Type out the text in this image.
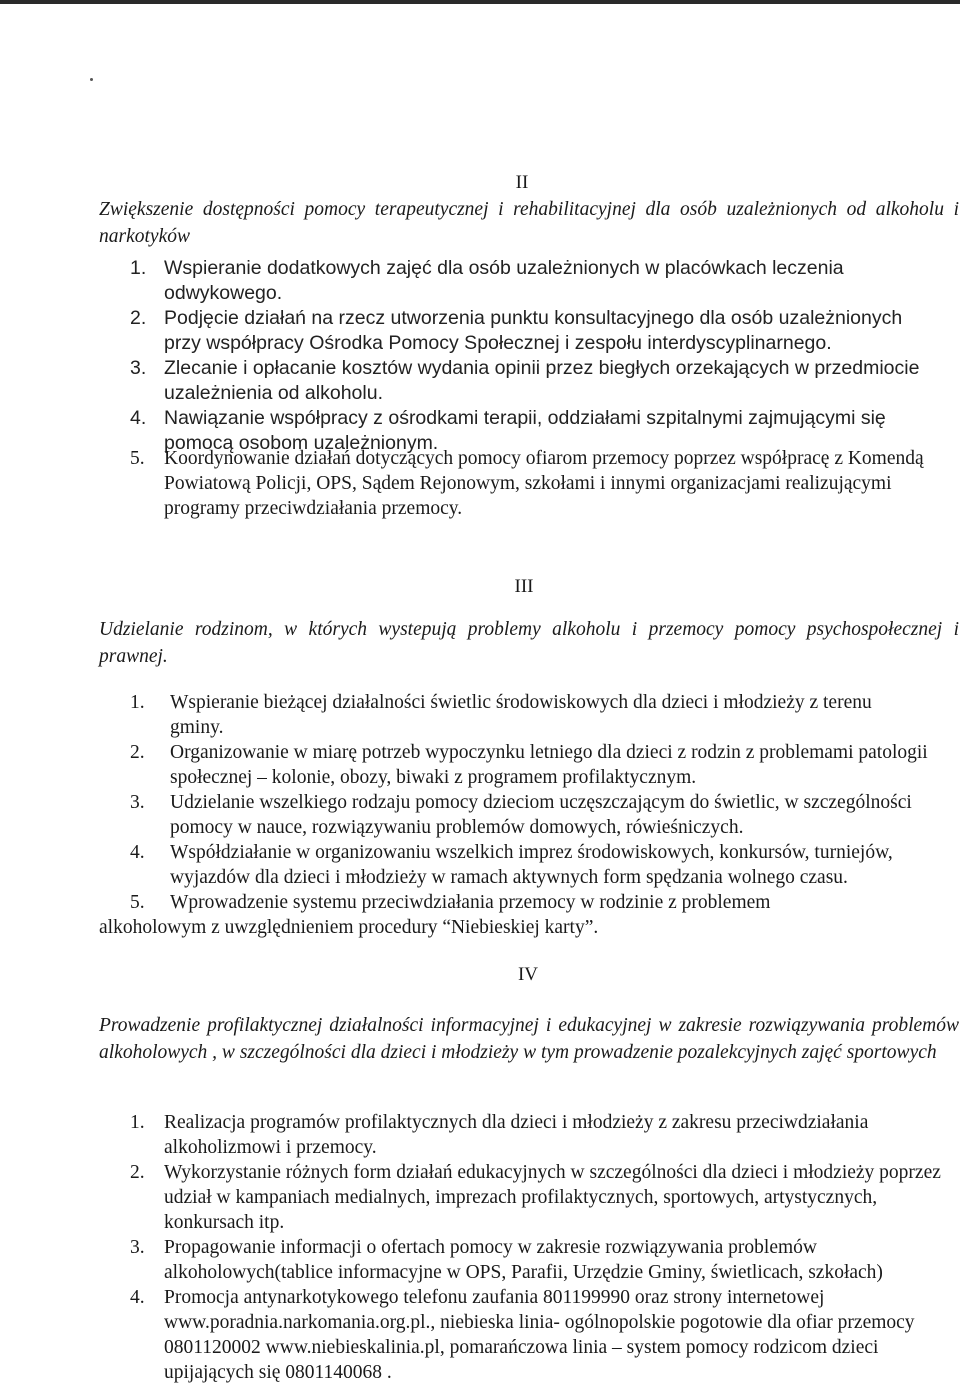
II
Zwiększenie dostępności pomocy terapeutycznej i rehabilitacyjnej dla osób uzależnionych od alkoholu i narkotyków
1. Wspieranie dodatkowych zajęć dla osób uzależnionych w placówkach leczenia odwykowego.
2. Podjęcie działań na rzecz utworzenia punktu konsultacyjnego dla osób uzależnionych przy współpracy Ośrodka Pomocy Społecznej i zespołu interdyscyplinarnego.
3. Zlecanie i opłacanie kosztów wydania opinii przez biegłych orzekających w przedmiocie uzależnienia od alkoholu.
4. Nawiązanie współpracy z ośrodkami terapii, oddziałami szpitalnymi zajmującymi się pomocą osobom uzależnionym.
5. Koordynowanie działań dotyczących pomocy ofiarom przemocy poprzez współpracę z Komendą Powiatową Policji, OPS, Sądem Rejonowym, szkołami i innymi organizacjami realizującymi programy przeciwdziałania przemocy.
III
Udzielanie rodzinom, w których wystepują problemy alkoholu i przemocy pomocy psychospołecznej i prawnej.
1. Wspieranie bieżącej działalności świetlic środowiskowych dla dzieci i młodzieży z terenu gminy.
2. Organizowanie w miarę potrzeb wypoczynku letniego dla dzieci z rodzin z problemami patologii społecznej – kolonie, obozy, biwaki z programem profilaktycznym.
3. Udzielanie wszelkiego rodzaju pomocy dzieciom uczęszczającym do świetlic, w szczególności pomocy w nauce, rozwiązywaniu problemów domowych, rówieśniczych.
4. Współdziałanie w organizowaniu wszelkich imprez środowiskowych, konkursów, turniejów, wyjazdów dla dzieci i młodzieży w ramach aktywnych form spędzania wolnego czasu.
5. Wprowadzenie systemu przeciwdziałania przemocy w rodzinie z problemem alkoholowym z uwzględnieniem procedury “Niebieskiej karty”.
IV
Prowadzenie profilaktycznej działalności informacyjnej i edukacyjnej w zakresie rozwiązywania problemów alkoholowych , w szczególności dla dzieci i młodzieży w tym prowadzenie pozalekcyjnych zajęć sportowych
1. Realizacja programów profilaktycznych dla dzieci i młodzieży z zakresu przeciwdziałania alkoholizmowi i przemocy.
2. Wykorzystanie różnych form działań edukacyjnych w szczególności dla dzieci i młodzieży poprzez udział w kampaniach medialnych, imprezach profilaktycznych, sportowych, artystycznych, konkursach itp.
3. Propagowanie informacji o ofertach pomocy w zakresie rozwiązywania problemów alkoholowych(tablice informacyjne w OPS, Parafii, Urzędzie Gminy, świetlicach, szkołach)
4. Promocja antynarkotykowego telefonu zaufania 801199990 oraz strony internetowej www.poradnia.narkomania.org.pl., niebieska linia- ogólnopolskie pogotowie dla ofiar przemocy 0801120002 www.niebieskalinia.pl, pomarańczowa linia – system pomocy rodzicom dzieci upijających się 0801140068 .
